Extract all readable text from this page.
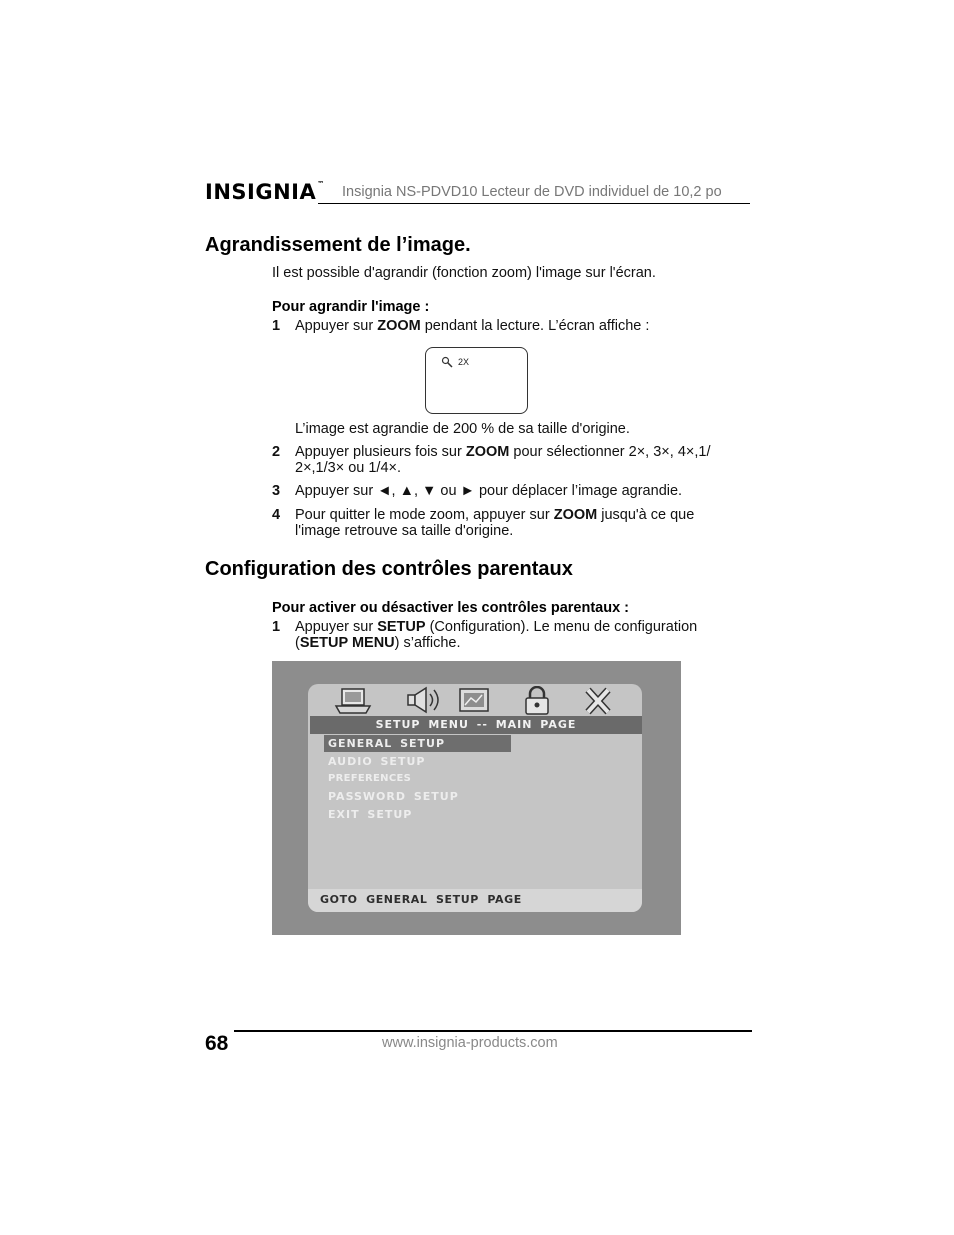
INSIGNIA™ Insignia NS-PDVD10 Lecteur de DVD individuel de 10,2 po
Agrandissement de l’image.
Il est possible d'agrandir (fonction zoom) l'image sur l'écran.
Pour agrandir l'image :
1 Appuyer sur ZOOM pendant la lecture. L’écran affiche :
2X
L’image est agrandie de 200 % de sa taille d'origine.
2 Appuyer plusieurs fois sur ZOOM pour sélectionner 2×, 3×, 4×,1/
2×,1/3× ou 1/4×.
3 Appuyer sur ◄, ▲, ▼ ou ► pour déplacer l’image agrandie.
4 Pour quitter le mode zoom, appuyer sur ZOOM jusqu'à ce que
l'image retrouve sa taille d'origine.
Configuration des contrôles parentaux
Pour activer ou désactiver les contrôles parentaux :
1 Appuyer sur SETUP (Configuration). Le menu de configuration
(SETUP MENU) s’affiche.
SETUP MENU -- MAIN PAGE
GENERAL SETUP
AUDIO SETUP
PREFERENCES
PASSWORD SETUP
EXIT SETUP
GOTO GENERAL SETUP PAGE
68	www.insignia-products.com
